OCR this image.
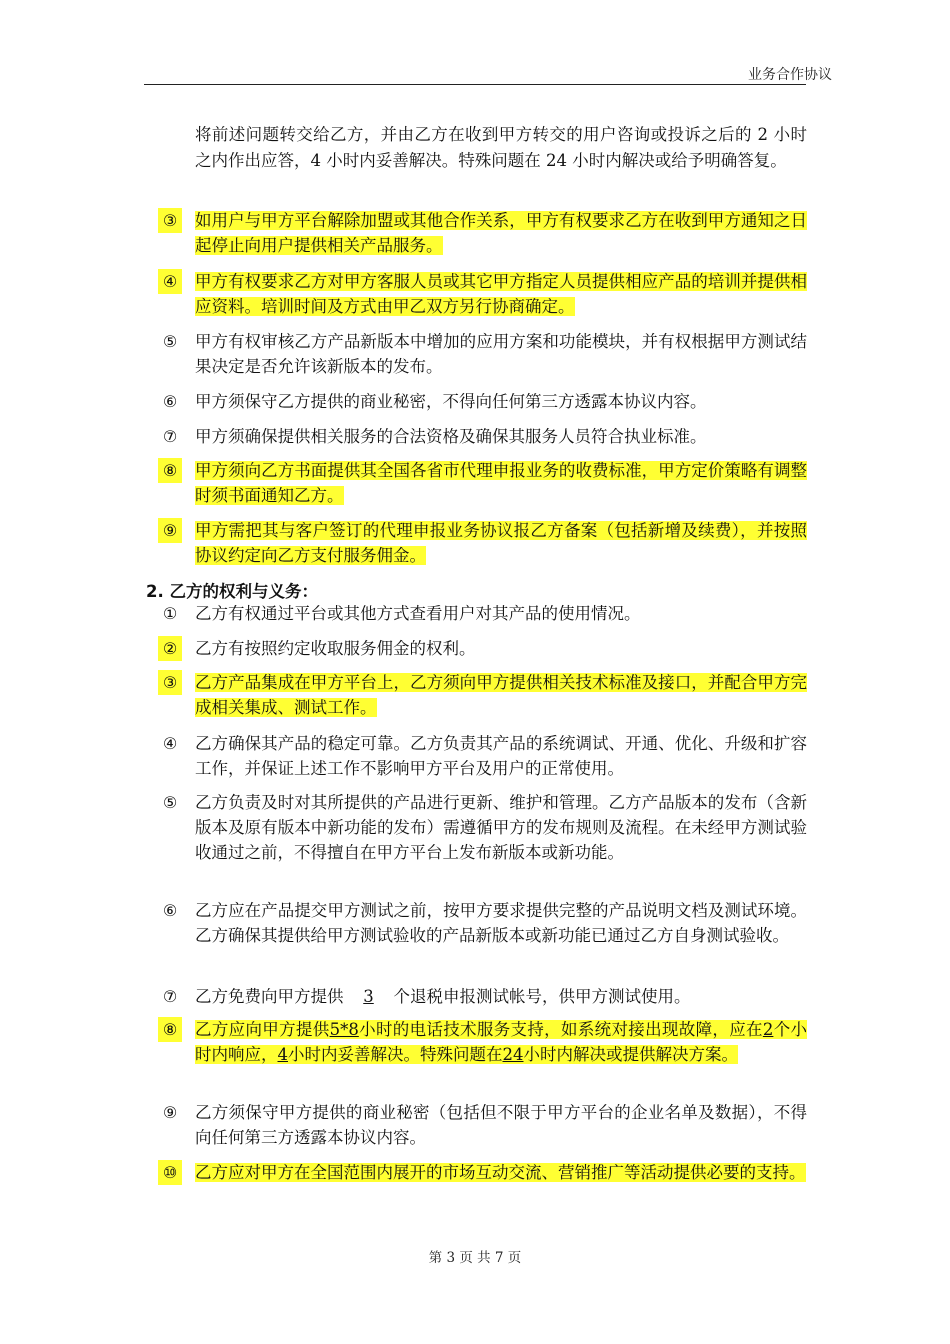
业务合作协议
将前述问题转交给乙方，并由乙方在收到甲方转交的用户咨询或投诉之后的 2 小时之内作出应答，4 小时内妥善解决。特殊问题在 24 小时内解决或给予明确答复。
③ 如用户与甲方平台解除加盟或其他合作关系，甲方有权要求乙方在收到甲方通知之日起停止向用户提供相关产品服务。
④ 甲方有权要求乙方对甲方客服人员或其它甲方指定人员提供相应产品的培训并提供相应资料。培训时间及方式由甲乙双方另行协商确定。
⑤ 甲方有权审核乙方产品新版本中增加的应用方案和功能模块，并有权根据甲方测试结果决定是否允许该新版本的发布。
⑥ 甲方须保守乙方提供的商业秘密，不得向任何第三方透露本协议内容。
⑦ 甲方须确保提供相关服务的合法资格及确保其服务人员符合执业标准。
⑧ 甲方须向乙方书面提供其全国各省市代理申报业务的收费标准，甲方定价策略有调整时须书面通知乙方。
⑨ 甲方需把其与客户签订的代理申报业务协议报乙方备案（包括新增及续费），并按照协议约定向乙方支付服务佣金。
2. 乙方的权利与义务：
① 乙方有权通过平台或其他方式查看用户对其产品的使用情况。
② 乙方有按照约定收取服务佣金的权利。
③ 乙方产品集成在甲方平台上，乙方须向甲方提供相关技术标准及接口，并配合甲方完成相关集成、测试工作。
④ 乙方确保其产品的稳定可靠。乙方负责其产品的系统调试、开通、优化、升级和扩容工作，并保证上述工作不影响甲方平台及用户的正常使用。
⑤ 乙方负责及时对其所提供的产品进行更新、维护和管理。乙方产品版本的发布（含新版本及原有版本中新功能的发布）需遵循甲方的发布规则及流程。在未经甲方测试验收通过之前，不得擅自在甲方平台上发布新版本或新功能。
⑥ 乙方应在产品提交甲方测试之前，按甲方要求提供完整的产品说明文档及测试环境。乙方确保其提供给甲方测试验收的产品新版本或新功能已通过乙方自身测试验收。
⑦ 乙方免费向甲方提供 3 个退税申报测试帐号，供甲方测试使用。
⑧ 乙方应向甲方提供5*8小时的电话技术服务支持，如系统对接出现故障，应在2个小时内响应，4小时内妥善解决。特殊问题在24小时内解决或提供解决方案。
⑨ 乙方须保守甲方提供的商业秘密（包括但不限于甲方平台的企业名单及数据），不得向任何第三方透露本协议内容。
⑩ 乙方应对甲方在全国范围内展开的市场互动交流、营销推广等活动提供必要的支持。
第 3 页 共 7 页
